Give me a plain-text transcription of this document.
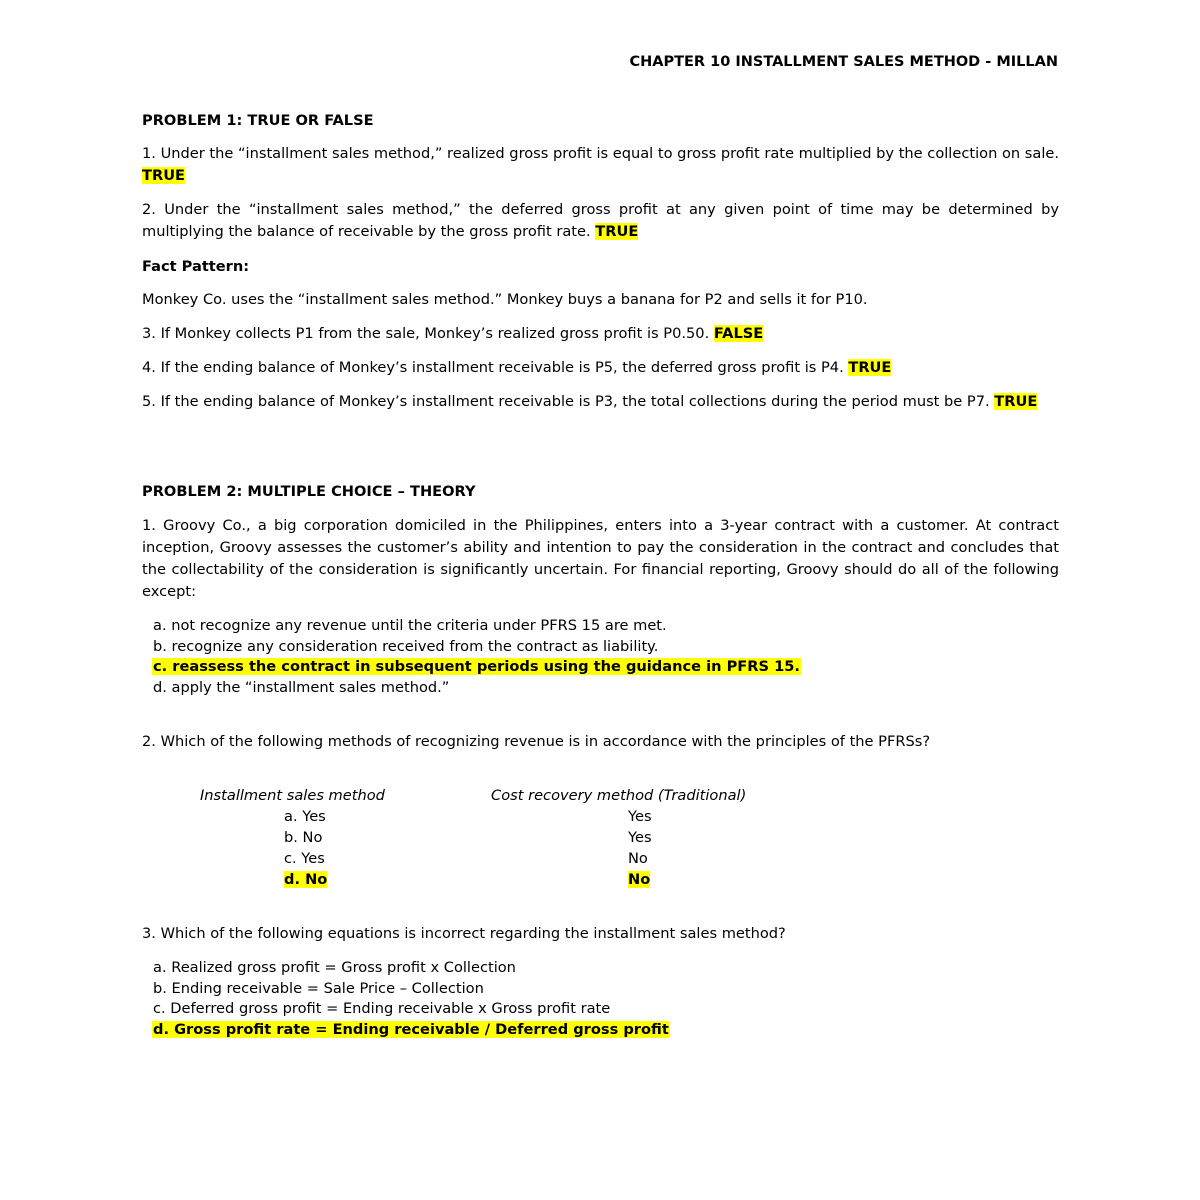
CHAPTER 10 INSTALLMENT SALES METHOD - MILLAN

PROBLEM 1: TRUE OR FALSE

1. Under the “installment sales method,” realized gross profit is equal to gross profit rate multiplied by the collection on sale. TRUE

2. Under the “installment sales method,” the deferred gross profit at any given point of time may be determined by multiplying the balance of receivable by the gross profit rate. TRUE

Fact Pattern:

Monkey Co. uses the “installment sales method.” Monkey buys a banana for P2 and sells it for P10.

3. If Monkey collects P1 from the sale, Monkey’s realized gross profit is P0.50. FALSE

4. If the ending balance of Monkey’s installment receivable is P5, the deferred gross profit is P4. TRUE

5. If the ending balance of Monkey’s installment receivable is P3, the total collections during the period must be P7. TRUE

PROBLEM 2: MULTIPLE CHOICE – THEORY

1. Groovy Co., a big corporation domiciled in the Philippines, enters into a 3-year contract with a customer. At contract inception, Groovy assesses the customer’s ability and intention to pay the consideration in the contract and concludes that the collectability of the consideration is significantly uncertain. For financial reporting, Groovy should do all of the following except:

a. not recognize any revenue until the criteria under PFRS 15 are met.

b. recognize any consideration received from the contract as liability.

c. reassess the contract in subsequent periods using the guidance in PFRS 15.

d. apply the “installment sales method.”

2. Which of the following methods of recognizing revenue is in accordance with the principles of the PFRSs?

Installment sales method	Cost recovery method (Traditional)
a. Yes	Yes
b. No	Yes
c. Yes	No
d. No	No

3. Which of the following equations is incorrect regarding the installment sales method?

a. Realized gross profit = Gross profit x Collection

b. Ending receivable = Sale Price – Collection

c. Deferred gross profit = Ending receivable x Gross profit rate

d. Gross profit rate = Ending receivable / Deferred gross profit
